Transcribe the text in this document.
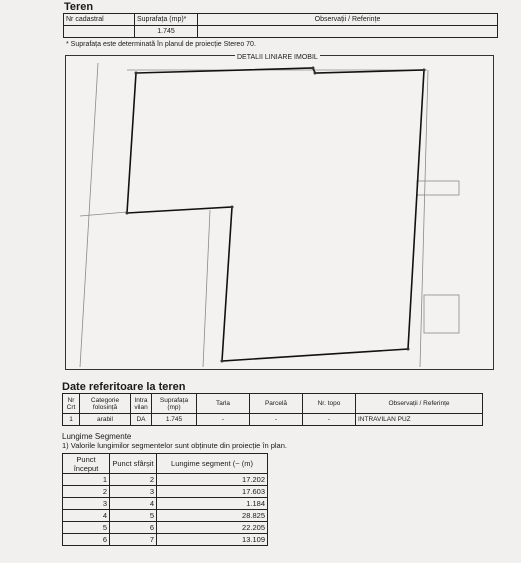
Teren
Nr cadastral	Suprafața (mp)*	Observații / Referințe
	1.745	
* Suprafața este determinată în planul de proiecție Stereo 70.
DETALII LINIARE IMOBIL
Date referitoare la teren
Nr Crt	Categorie folosință	Intra vilan	Suprafața (mp)	Tarla	Parcelă	Nr. topo	Observații / Referințe
1	arabil	DA	1.745	-	-	-	INTRAVILAN PUZ
Lungime Segmente
1) Valorile lungimilor segmentelor sunt obținute din proiecție în plan.
Punct început	Punct sfârșit	Lungime segment (~ (m)
1	2	17.202
2	3	17.603
3	4	1.184
4	5	28.825
5	6	22.205
6	7	13.109
